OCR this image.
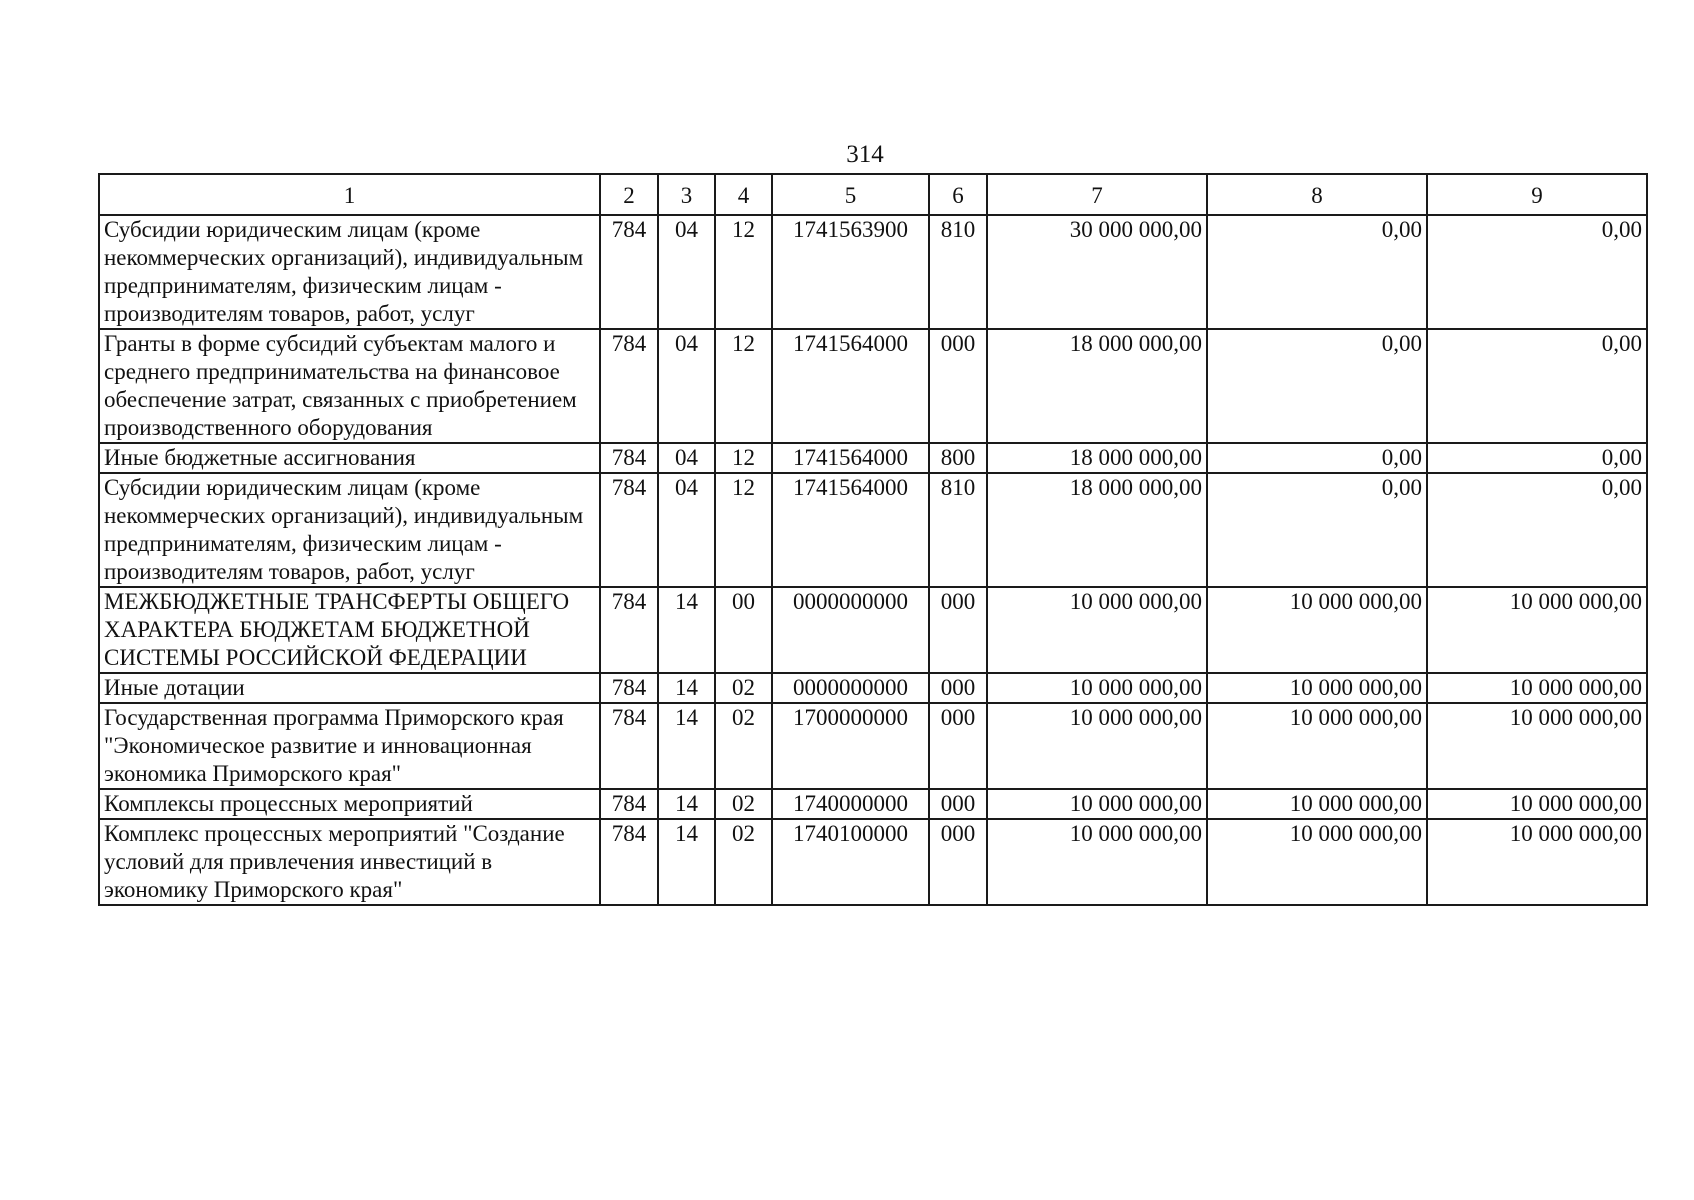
314
1	2	3	4	5	6	7	8	9
Субсидии юридическим лицам (кроме некоммерческих организаций), индивидуальным предпринимателям, физическим лицам - производителям товаров, работ, услуг	784	04	12	1741563900	810	30 000 000,00	0,00	0,00
Гранты в форме субсидий субъектам малого и среднего предпринимательства на финансовое обеспечение затрат, связанных с приобретением производственного оборудования	784	04	12	1741564000	000	18 000 000,00	0,00	0,00
Иные бюджетные ассигнования	784	04	12	1741564000	800	18 000 000,00	0,00	0,00
Субсидии юридическим лицам (кроме некоммерческих организаций), индивидуальным предпринимателям, физическим лицам - производителям товаров, работ, услуг	784	04	12	1741564000	810	18 000 000,00	0,00	0,00
МЕЖБЮДЖЕТНЫЕ ТРАНСФЕРТЫ ОБЩЕГО ХАРАКТЕРА БЮДЖЕТАМ БЮДЖЕТНОЙ СИСТЕМЫ РОССИЙСКОЙ ФЕДЕРАЦИИ	784	14	00	0000000000	000	10 000 000,00	10 000 000,00	10 000 000,00
Иные дотации	784	14	02	0000000000	000	10 000 000,00	10 000 000,00	10 000 000,00
Государственная программа Приморского края "Экономическое развитие и инновационная экономика Приморского края"	784	14	02	1700000000	000	10 000 000,00	10 000 000,00	10 000 000,00
Комплексы процессных мероприятий	784	14	02	1740000000	000	10 000 000,00	10 000 000,00	10 000 000,00
Комплекс процессных мероприятий "Создание условий для привлечения инвестиций в экономику Приморского края"	784	14	02	1740100000	000	10 000 000,00	10 000 000,00	10 000 000,00
